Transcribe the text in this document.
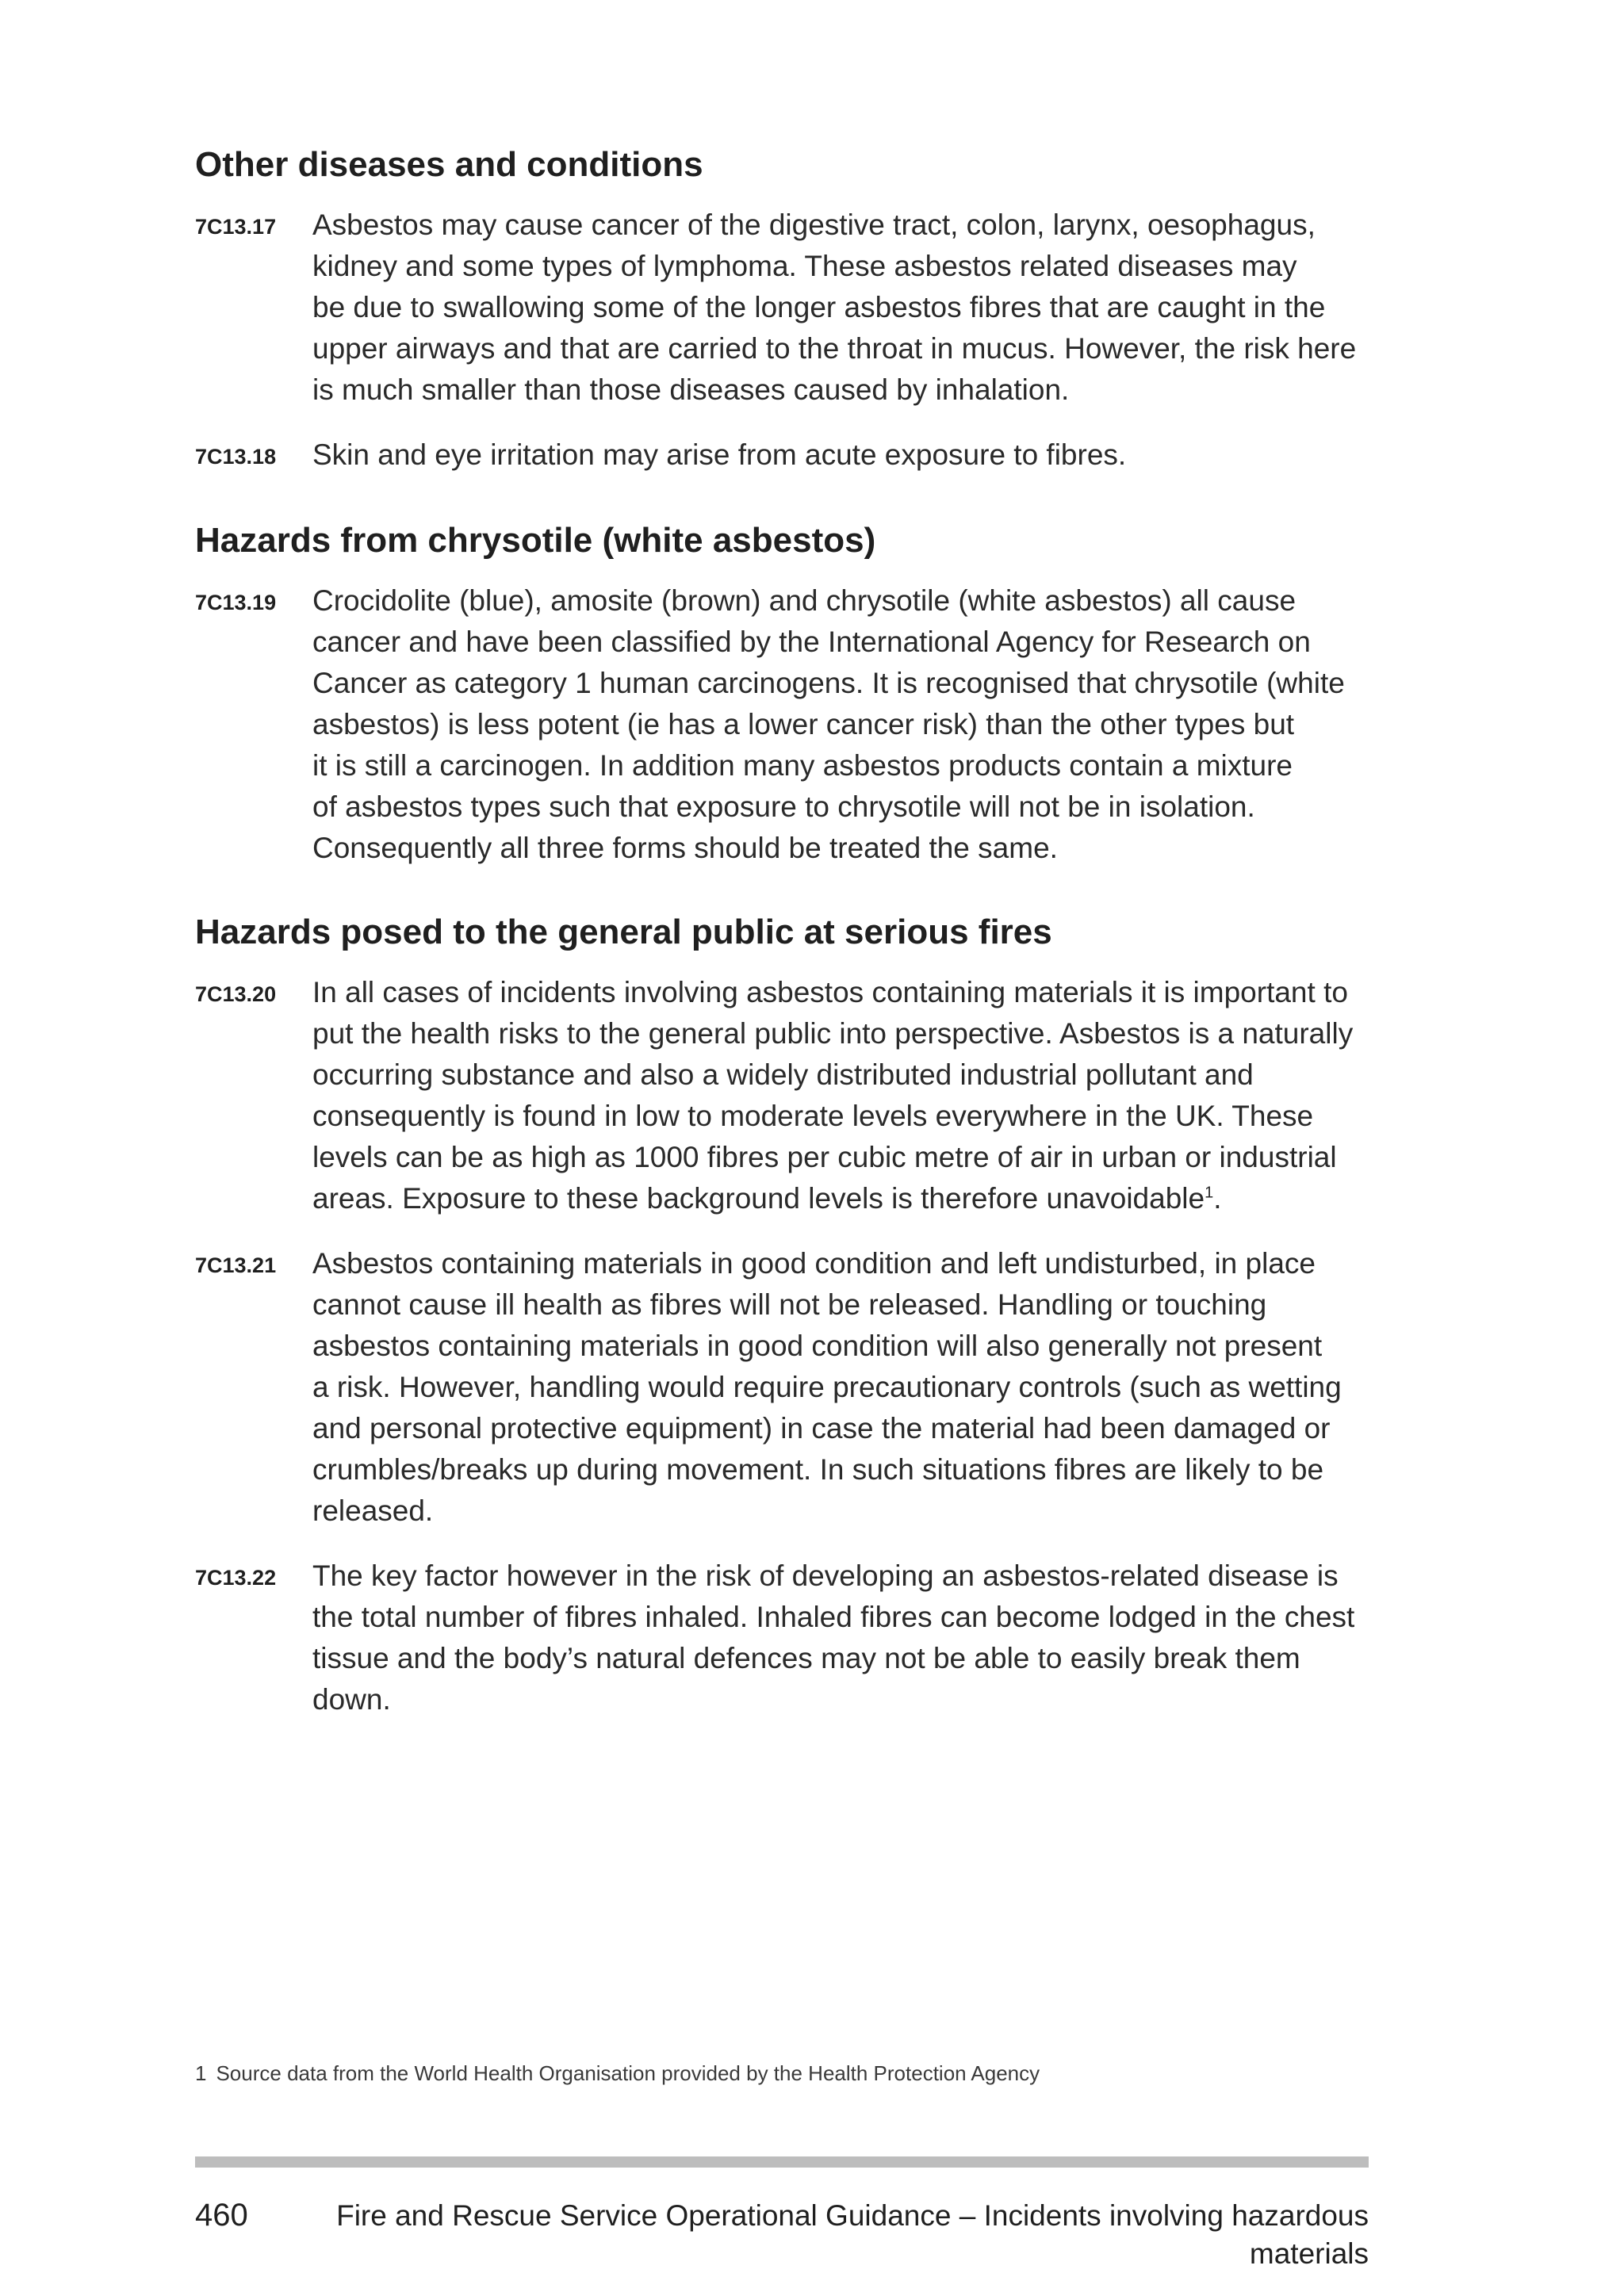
Other diseases and conditions
7C13.17	Asbestos may cause cancer of the digestive tract, colon, larynx, oesophagus,
kidney and some types of lymphoma. These asbestos related diseases may
be due to swallowing some of the longer asbestos fibres that are caught in the
upper airways and that are carried to the throat in mucus. However, the risk here
is much smaller than those diseases caused by inhalation.
7C13.18	Skin and eye irritation may arise from acute exposure to fibres.
Hazards from chrysotile (white asbestos)
7C13.19	Crocidolite (blue), amosite (brown) and chrysotile (white asbestos) all cause
cancer and have been classified by the International Agency for Research on
Cancer as category 1 human carcinogens. It is recognised that chrysotile (white
asbestos) is less potent (ie has a lower cancer risk) than the other types but
it is still a carcinogen. In addition many asbestos products contain a mixture
of asbestos types such that exposure to chrysotile will not be in isolation.
Consequently all three forms should be treated the same.
Hazards posed to the general public at serious fires
7C13.20	In all cases of incidents involving asbestos containing materials it is important to
put the health risks to the general public into perspective. Asbestos is a naturally
occurring substance and also a widely distributed industrial pollutant and
consequently is found in low to moderate levels everywhere in the UK. These
levels can be as high as 1000 fibres per cubic metre of air in urban or industrial
areas. Exposure to these background levels is therefore unavoidable$^1$.
7C13.21	Asbestos containing materials in good condition and left undisturbed, in place
cannot cause ill health as fibres will not be released. Handling or touching
asbestos containing materials in good condition will also generally not present
a risk. However, handling would require precautionary controls (such as wetting
and personal protective equipment) in case the material had been damaged or
crumbles/breaks up during movement. In such situations fibres are likely to be
released.
7C13.22	The key factor however in the risk of developing an asbestos-related disease is
the total number of fibres inhaled. Inhaled fibres can become lodged in the chest
tissue and the body’s natural defences may not be able to easily break them
down.
1 Source data from the World Health Organisation provided by the Health Protection Agency
460	Fire and Rescue Service Operational Guidance – Incidents involving hazardous materials
